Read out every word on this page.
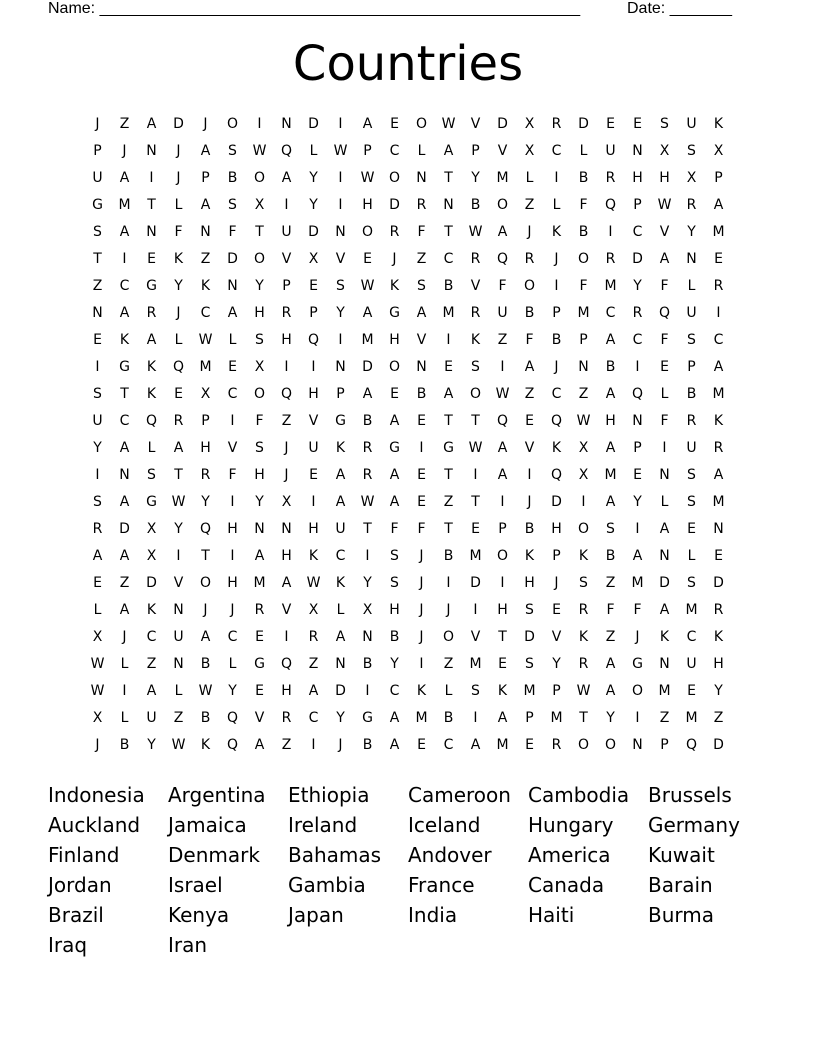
Name: ______________________________________________________	Date: _______
Countries
J	Z	A	D	J	O	I	N	D	I	A	E	O	W	V	D	X	R	D	E	E	S	U	K
P	J	N	J	A	S	W	Q	L	W	P	C	L	A	P	V	X	C	L	U	N	X	S	X
U	A	I	J	P	B	O	A	Y	I	W	O	N	T	Y	M	L	I	B	R	H	H	X	P
G	M	T	L	A	S	X	I	Y	I	H	D	R	N	B	O	Z	L	F	Q	P	W	R	A
S	A	N	F	N	F	T	U	D	N	O	R	F	T	W	A	J	K	B	I	C	V	Y	M
T	I	E	K	Z	D	O	V	X	V	E	J	Z	C	R	Q	R	J	O	R	D	A	N	E
Z	C	G	Y	K	N	Y	P	E	S	W	K	S	B	V	F	O	I	F	M	Y	F	L	R
N	A	R	J	C	A	H	R	P	Y	A	G	A	M	R	U	B	P	M	C	R	Q	U	I
E	K	A	L	W	L	S	H	Q	I	M	H	V	I	K	Z	F	B	P	A	C	F	S	C
I	G	K	Q	M	E	X	I	I	N	D	O	N	E	S	I	A	J	N	B	I	E	P	A
S	T	K	E	X	C	O	Q	H	P	A	E	B	A	O	W	Z	C	Z	A	Q	L	B	M
U	C	Q	R	P	I	F	Z	V	G	B	A	E	T	T	Q	E	Q	W	H	N	F	R	K
Y	A	L	A	H	V	S	J	U	K	R	G	I	G	W	A	V	K	X	A	P	I	U	R
I	N	S	T	R	F	H	J	E	A	R	A	E	T	I	A	I	Q	X	M	E	N	S	A
S	A	G	W	Y	I	Y	X	I	A	W	A	E	Z	T	I	J	D	I	A	Y	L	S	M
R	D	X	Y	Q	H	N	N	H	U	T	F	F	T	E	P	B	H	O	S	I	A	E	N
A	A	X	I	T	I	A	H	K	C	I	S	J	B	M	O	K	P	K	B	A	N	L	E
E	Z	D	V	O	H	M	A	W	K	Y	S	J	I	D	I	H	J	S	Z	M	D	S	D
L	A	K	N	J	J	R	V	X	L	X	H	J	J	I	H	S	E	R	F	F	A	M	R
X	J	C	U	A	C	E	I	R	A	N	B	J	O	V	T	D	V	K	Z	J	K	C	K
W	L	Z	N	B	L	G	Q	Z	N	B	Y	I	Z	M	E	S	Y	R	A	G	N	U	H
W	I	A	L	W	Y	E	H	A	D	I	C	K	L	S	K	M	P	W	A	O	M	E	Y
X	L	U	Z	B	Q	V	R	C	Y	G	A	M	B	I	A	P	M	T	Y	I	Z	M	Z
J	B	Y	W	K	Q	A	Z	I	J	B	A	E	C	A	M	E	R	O	O	N	P	Q	D
Indonesia	Argentina	Ethiopia	Cameroon Cambodia Brussels
Auckland	Jamaica	Ireland	Iceland	Hungary	Germany
Finland	Denmark	Bahamas	Andover	America	Kuwait
Jordan	Israel	Gambia	France	Canada	Barain
Brazil	Kenya	Japan	India	Haiti	Burma
Iraq	Iran
